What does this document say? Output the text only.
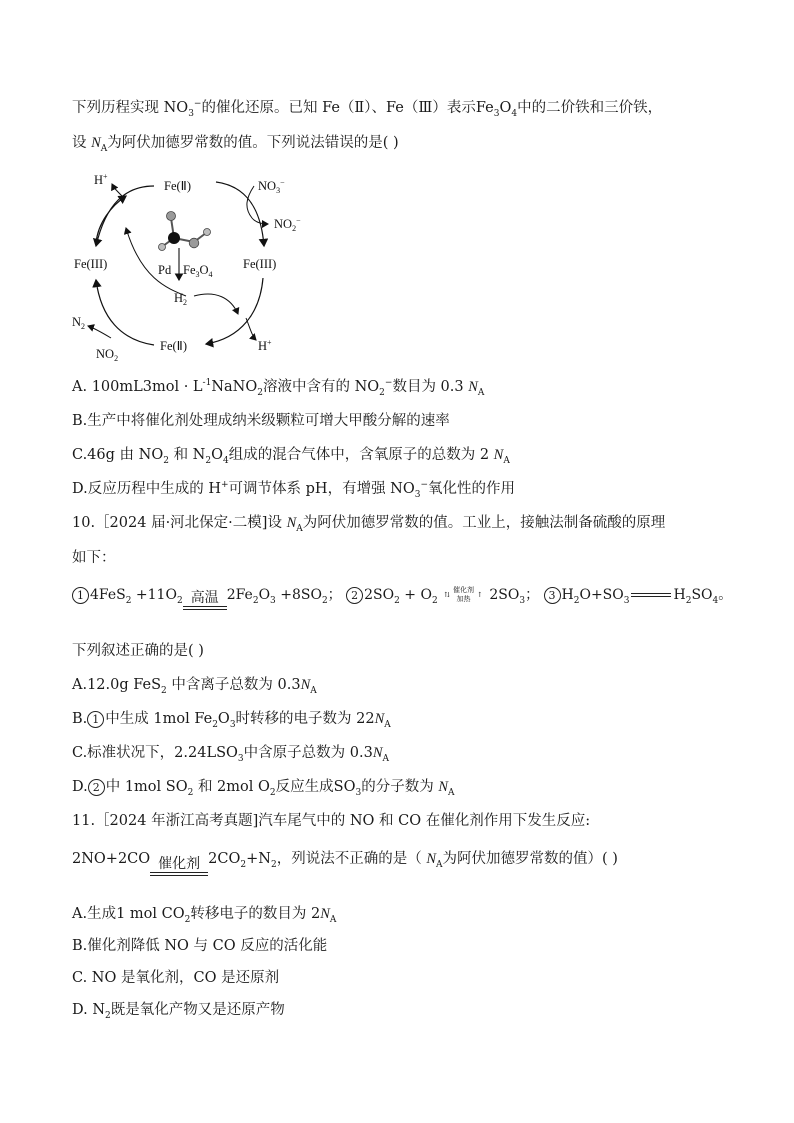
下列历程实现 $NO_3^-$的催化还原。已知 Fe（Ⅱ）、Fe（Ⅲ）表示$Fe_3O_4$中的二价铁和三价铁，
设 $N_A$为阿伏加德罗常数的值。下列说法错误的是( )
H+
Fe(Ⅱ)	$NO_3^-$
$NO_2^-$
Fe(III)	Fe(III)
Pd $Fe_3O_4$
$H_2$
$N_2$
$NO_2$
Fe(Ⅱ)	H+
A. $100mL3mol \cdot L^{-1}NaNO_2$溶液中含有的 $NO_2^-$数目为 0.3 $N_A$
B.生产中将催化剂处理成纳米级颗粒可增大甲酸分解的速率
C.46g 由 $NO_2$ 和 $N_2O_4$组成的混合气体中，含氧原子的总数为 2 $N_A$
D.反应历程中生成的 H+可调节体系 pH，有增强 $NO_3^-$氧化性的作用
10.［2024 届·河北保定·二模]设 $N_A$为阿伏加德罗常数的值。工业上，接触法制备硫酸的原理
如下：
1 $4FeS_2 +11O_2$ 高温 $2Fe_2O_3 +8SO_2$； 2 $2SO_2 + O_2$ ⇅
催化剂
加热 ↑ $2SO_3$； 3 $H_2O+SO_3$	$H_2SO_4$。
下列叙述正确的是( )
A.12.0g FeS$_2$ 中含离子总数为 $0.3N_A$
B. 1 中生成 1mol $Fe_2O_3$时转移的电子数为 $22N_A$
C.标准状况下，$2.24LSO_3$中含原子总数为 $0.3N_A$
D. 2 中 1mol $SO_2$ 和 2mol $O_2$反应生成$SO_3$的分子数为 $N_A$
11.［2024 年浙江高考真题]汽车尾气中的 NO 和 CO 在催化剂作用下发生反应:
2NO+2CO 催化剂 $2CO_2+N_2$，列说法不正确的是（ $N_A$为阿伏加德罗常数的值）( )
A.生成1 mol $CO_2$转移电子的数目为 $2N_A$
B.催化剂降低 NO 与 CO 反应的活化能
C. NO 是氧化剂，CO 是还原剂
D. $N_2$既是氧化产物又是还原产物
